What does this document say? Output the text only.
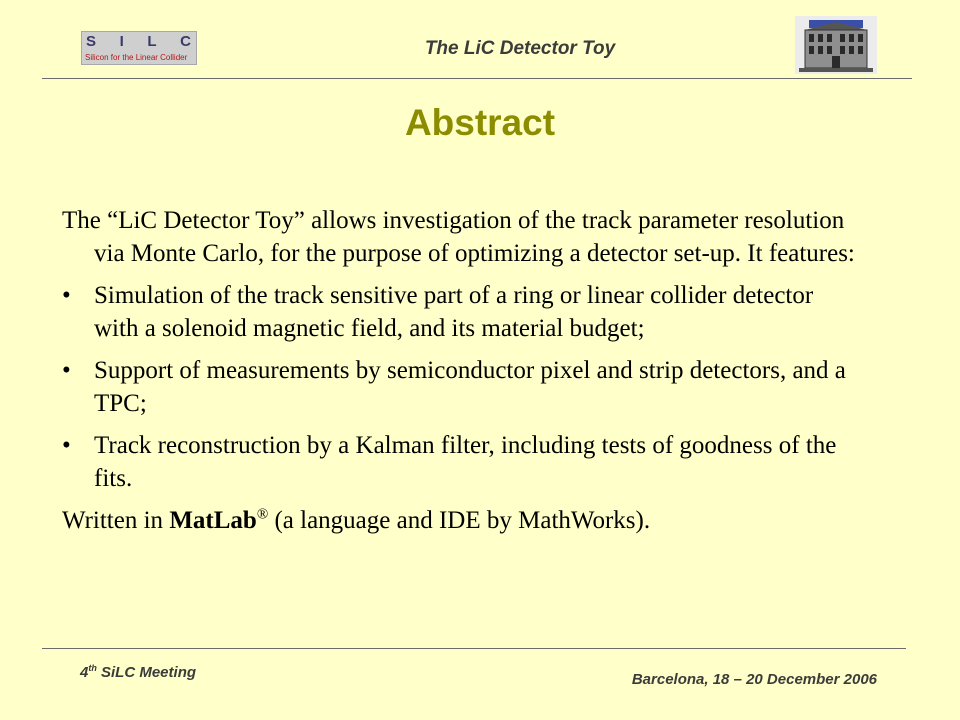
S I L C
Silicon for the Linear Collider	The LiC Detector Toy
Abstract

The “LiC Detector Toy” allows investigation of the track parameter resolution via Monte Carlo, for the purpose of optimizing a detector set-up. It features:

• Simulation of the track sensitive part of a ring or linear collider detector with a solenoid magnetic field, and its material budget;
• Support of measurements by semiconductor pixel and strip detectors, and a TPC;
• Track reconstruction by a Kalman filter, including tests of goodness of the fits.

Written in MatLab® (a language and IDE by MathWorks).

4th SiLC Meeting	Barcelona, 18 – 20 December 2006
